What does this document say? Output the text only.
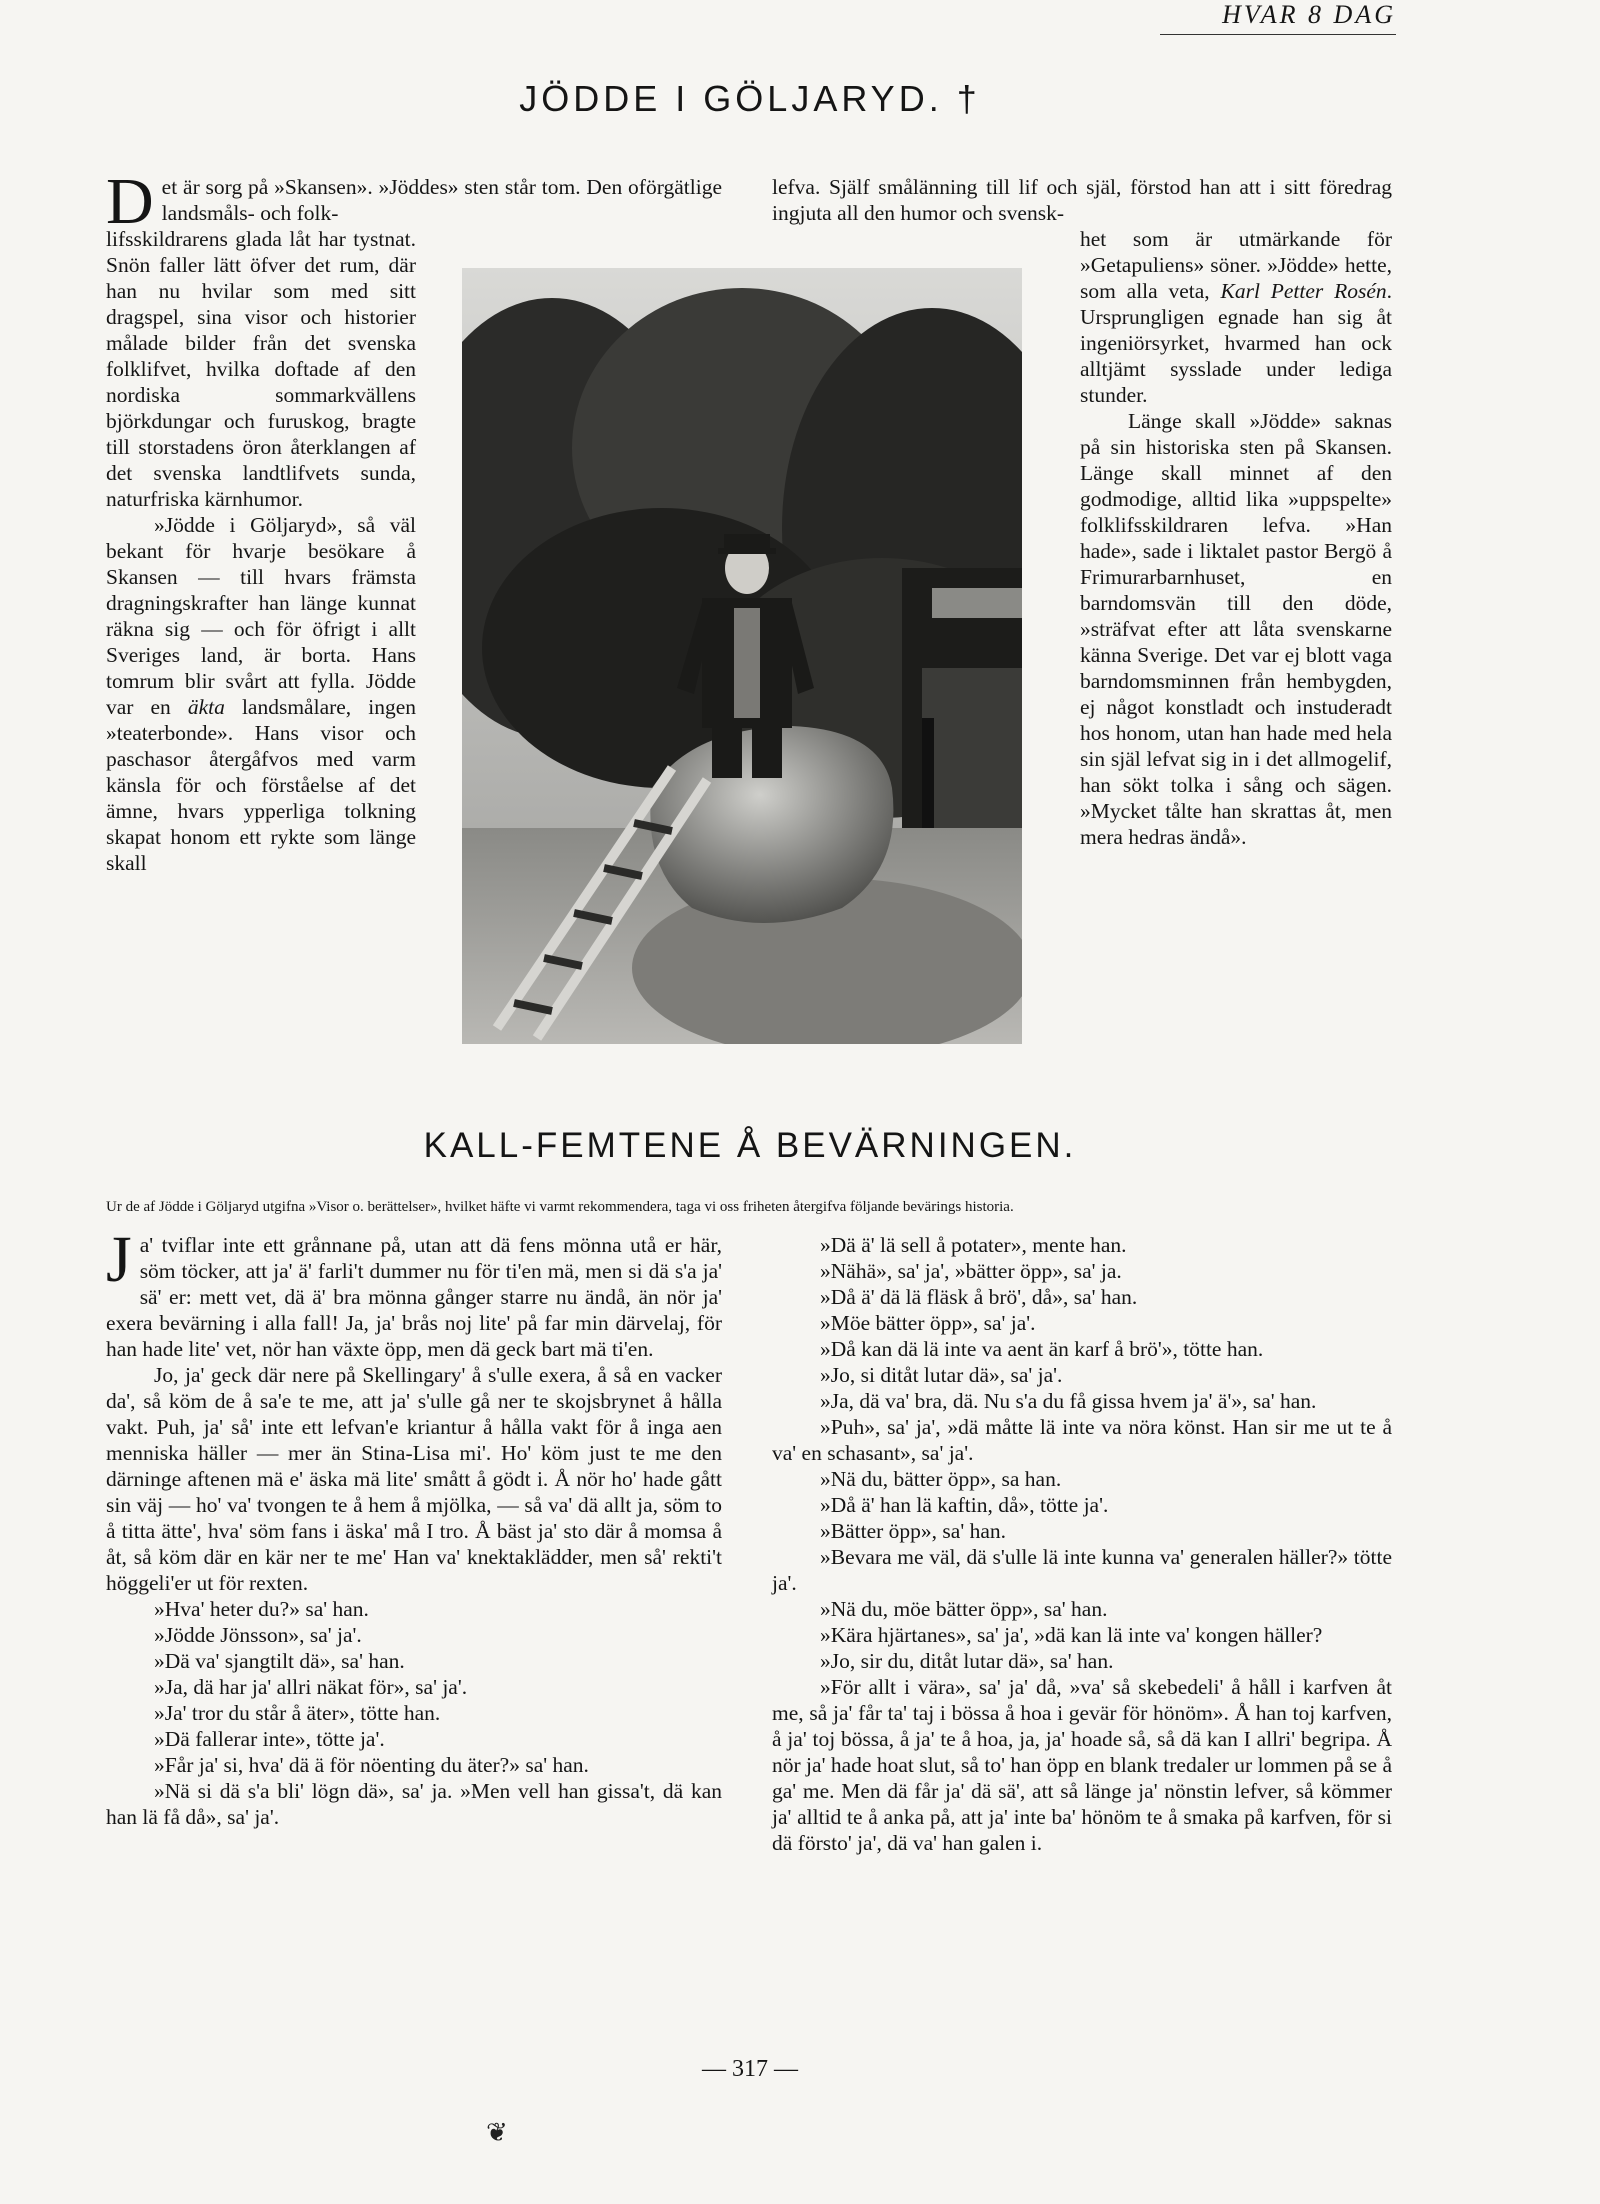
HVAR 8 DAG
JÖDDE I GÖLJARYD. †

Det är sorg på »Skansen». »Jöddes» sten står tom. Den oförgätlige landsmåls- och folk-

lefva. Själf smålänning till lif och själ, förstod han att i sitt föredrag ingjuta all den humor och svensk-

lifsskildrarens glada låt har tystnat. Snön faller lätt öfver det rum, där han nu hvilar som med sitt dragspel, sina visor och historier målade bilder från det svenska folklifvet, hvilka doftade af den nordiska sommarkvällens björkdungar och furuskog, bragte till storstadens öron återklangen af det svenska landtlifvets sunda, naturfriska kärnhumor.

»Jödde i Göljaryd», så väl bekant för hvarje besökare å Skansen — till hvars främsta dragningskrafter han länge kunnat räkna sig — och för öfrigt i allt Sveriges land, är borta. Hans tomrum blir svårt att fylla. Jödde var en äkta landsmålare, ingen »teaterbonde». Hans visor och paschasor återgåfvos med varm känsla för och förståelse af det ämne, hvars ypperliga tolkning skapat honom ett rykte som länge skall

het som är utmärkande för »Getapuliens» söner. »Jödde» hette, som alla veta, Karl Petter Rosén. Ursprungligen egnade han sig åt ingeniörsyrket, hvarmed han ock alltjämt sysslade under lediga stunder.

Länge skall »Jödde» saknas på sin historiska sten på Skansen. Länge skall minnet af den godmodige, alltid lika »uppspelte» folklifsskildraren lefva. »Han hade», sade i liktalet pastor Bergö å Frimurarbarnhuset, en barndomsvän till den döde, »sträfvat efter att låta svenskarne känna Sverige. Det var ej blott vaga barndomsminnen från hembygden, ej något konstladt och instuderadt hos honom, utan han hade med hela sin själ lefvat sig in i det allmogelif, han sökt tolka i sång och sägen. »Mycket tålte han skrattas åt, men mera hedras ändå».

KALL-FEMTENE Å BEVÄRNINGEN.
Ur de af Jödde i Göljaryd utgifna »Visor o. berättelser», hvilket häfte vi varmt rekommendera, taga vi oss friheten återgifva följande bevärings historia.

Ja' tviflar inte ett grånnane på, utan att dä fens mönna utå er här, söm töcker, att ja' ä' farli't dummer nu för ti'en mä, men si dä s'a ja' sä' er: mett vet, dä ä' bra mönna gånger starre nu ändå, än nör ja' exera bevärning i alla fall! Ja, ja' brås noj lite' på far min därvelaj, för han hade lite' vet, nör han växte öpp, men dä geck bart mä ti'en.

Jo, ja' geck där nere på Skellingary' å s'ulle exera, å så en vacker da', så köm de å sa'e te me, att ja' s'ulle gå ner te skojsbrynet å hålla vakt. Puh, ja' så' inte ett lefvan'e kriantur å hålla vakt för å inga aen menniska häller — mer än Stina-Lisa mi'. Ho' köm just te me den därninge aftenen mä e' äska mä lite' smått å gödt i. Å nör ho' hade gått sin väj — ho' va' tvongen te å hem å mjölka, — så va' dä allt ja, söm to å titta ätte', hva' söm fans i äska' må I tro. Å bäst ja' sto där å momsa å åt, så köm där en kär ner te me' Han va' knektaklädder, men så' rekti't höggeli'er ut för rexten.

»Hva' heter du?» sa' han.

»Jödde Jönsson», sa' ja'.

»Dä va' sjangtilt dä», sa' han.

»Ja, dä har ja' allri näkat för», sa' ja'.

»Ja' tror du står å äter», tötte han.

»Dä fallerar inte», tötte ja'.

»Får ja' si, hva' dä ä för nöenting du äter?» sa' han.

»Nä si dä s'a bli' lögn dä», sa' ja. »Men vell han gissa't, dä kan han lä få då», sa' ja'.

»Dä ä' lä sell å potater», mente han.

»Nähä», sa' ja', »bätter öpp», sa' ja.

»Då ä' dä lä fläsk å brö', då», sa' han.

»Möe bätter öpp», sa' ja'.

»Då kan dä lä inte va aent än karf å brö'», tötte han.

»Jo, si ditåt lutar dä», sa' ja'.

»Ja, dä va' bra, dä. Nu s'a du få gissa hvem ja' ä'», sa' han.

»Puh», sa' ja', »dä måtte lä inte va nöra könst. Han sir me ut te å va' en schasant», sa' ja'.

»Nä du, bätter öpp», sa han.

»Då ä' han lä kaftin, då», tötte ja'.

»Bätter öpp», sa' han.

»Bevara me väl, dä s'ulle lä inte kunna va' generalen häller?» tötte ja'.

»Nä du, möe bätter öpp», sa' han.

»Kära hjärtanes», sa' ja', »dä kan lä inte va' kongen häller?

»Jo, sir du, ditåt lutar dä», sa' han.

»För allt i vära», sa' ja' då, »va' så skebedeli' å håll i karfven åt me, så ja' får ta' taj i bössa å hoa i gevär för hönöm». Å han toj karfven, å ja' toj bössa, å ja' te å hoa, ja, ja' hoade så, så dä kan I allri' begripa. Å nör ja' hade hoat slut, så to' han öpp en blank tredaler ur lommen på se å ga' me. Men dä får ja' dä sä', att så länge ja' nönstin lefver, så kömmer ja' alltid te å anka på, att ja' inte ba' hönöm te å smaka på karfven, för si dä försto' ja', dä va' han galen i.

— 317 —
❦
